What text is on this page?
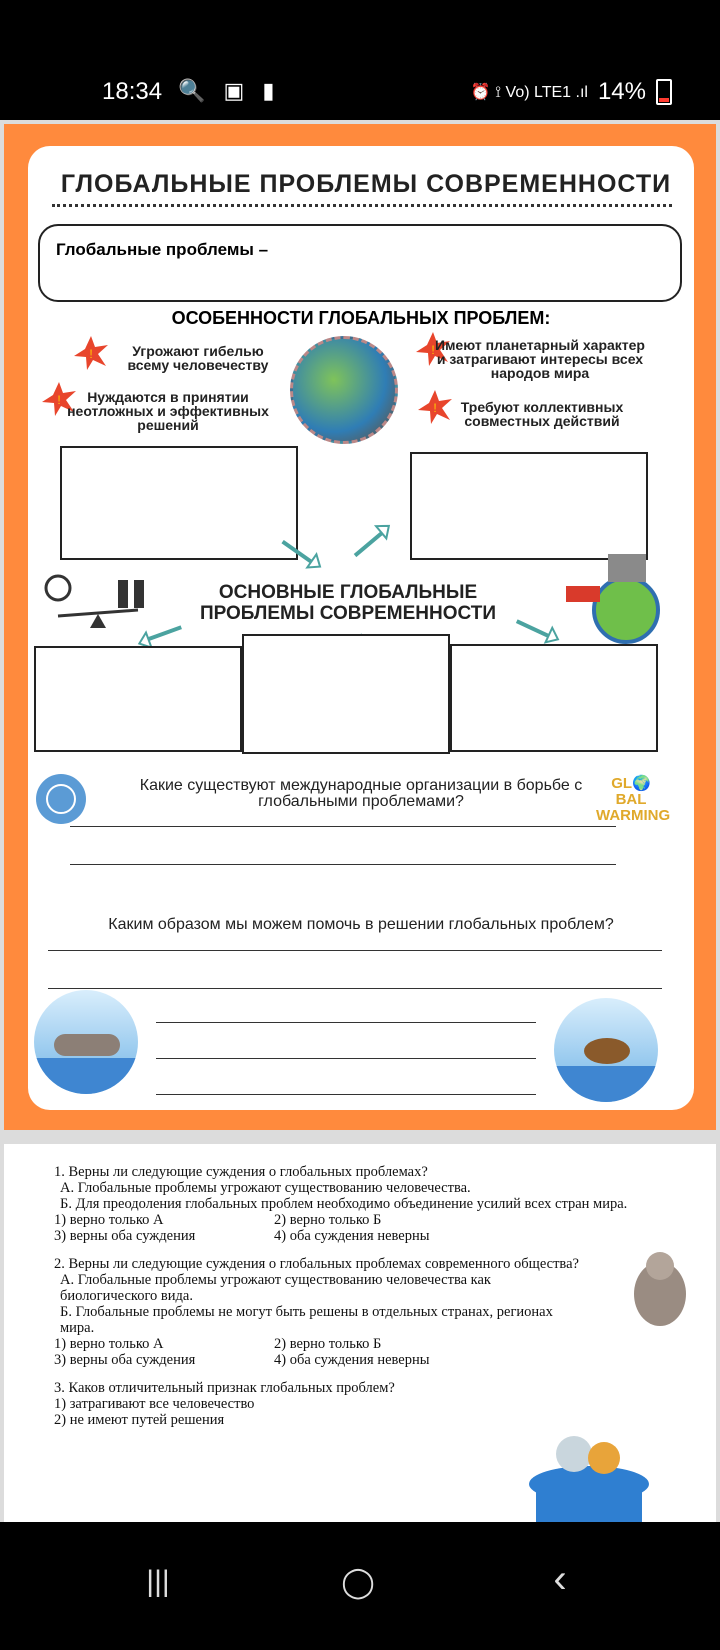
18:34 🔍 ▣ ▮	⏰ ⟟ Vo) LTE1 .ıl 14%
ГЛОБАЛЬНЫЕ ПРОБЛЕМЫ СОВРЕМЕННОСТИ
Глобальные проблемы –
ОСОБЕННОСТИ ГЛОБАЛЬНЫХ ПРОБЛЕМ:
!	Угрожают гибелью всему человечеству
!	Нуждаются в принятии неотложных и эффективных решений
! Имеют планетарный характер и затрагивают интересы всех народов мира
!	Требуют коллективных совместных действий
ОСНОВНЫЕ ГЛОБАЛЬНЫЕ ПРОБЛЕМЫ СОВРЕМЕННОСТИ
Какие существуют международные организации в борьбе с глобальными проблемами?
GL🌍BAL WARMING
Каким образом мы можем помочь в решении глобальных проблем?

1. Верны ли следующие суждения о глобальных проблемах?

А. Глобальные проблемы угрожают существованию человечества.

Б. Для преодоления глобальных проблем необходимо объединение усилий всех стран мира.

1) верно только А	2) верно только Б
3) верны оба суждения	4) оба суждения неверны

2. Верны ли следующие суждения о глобальных проблемах современного общества?

А. Глобальные проблемы угрожают существованию человечества как биологического вида.

Б. Глобальные проблемы не могут быть решены в отдельных странах, регионах мира.

1) верно только А	2) верно только Б
3) верны оба суждения	4) оба суждения неверны

3. Каков отличительный признак глобальных проблем?

1) затрагивают все человечество

2) не имеют путей решения

|||	◯	‹
